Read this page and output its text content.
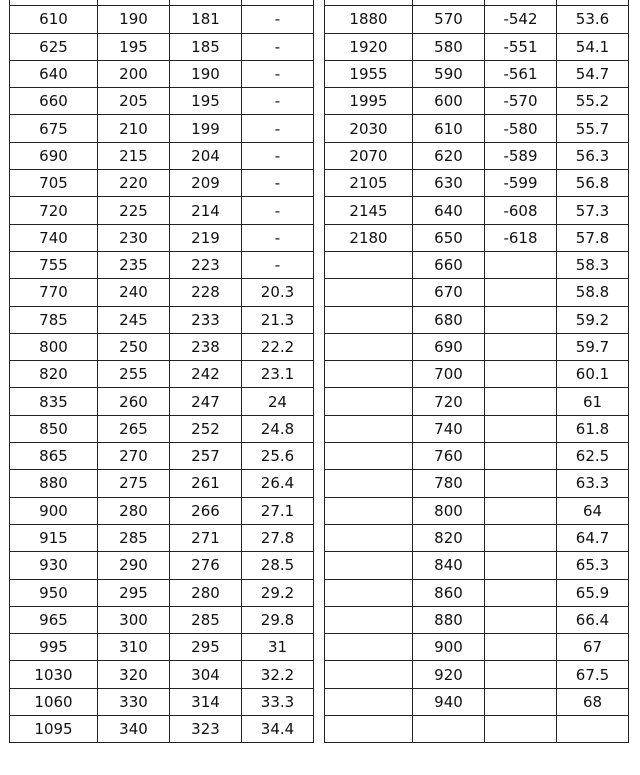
610	190	181	-
625	195	185	-
640	200	190	-
660	205	195	-
675	210	199	-
690	215	204	-
705	220	209	-
720	225	214	-
740	230	219	-
755	235	223	-
770	240	228	20.3
785	245	233	21.3
800	250	238	22.2
820	255	242	23.1
835	260	247	24
850	265	252	24.8
865	270	257	25.6
880	275	261	26.4
900	280	266	27.1
915	285	271	27.8
930	290	276	28.5
950	295	280	29.2
965	300	285	29.8
995	310	295	31
1030	320	304	32.2
1060	330	314	33.3
1095	340	323	34.4

1880	570	-542	53.6
1920	580	-551	54.1
1955	590	-561	54.7
1995	600	-570	55.2
2030	610	-580	55.7
2070	620	-589	56.3
2105	630	-599	56.8
2145	640	-608	57.3
2180	650	-618	57.8
	660		58.3
	670		58.8
	680		59.2
	690		59.7
	700		60.1
	720		61
	740		61.8
	760		62.5
	780		63.3
	800		64
	820		64.7
	840		65.3
	860		65.9
	880		66.4
	900		67
	920		67.5
	940		68
